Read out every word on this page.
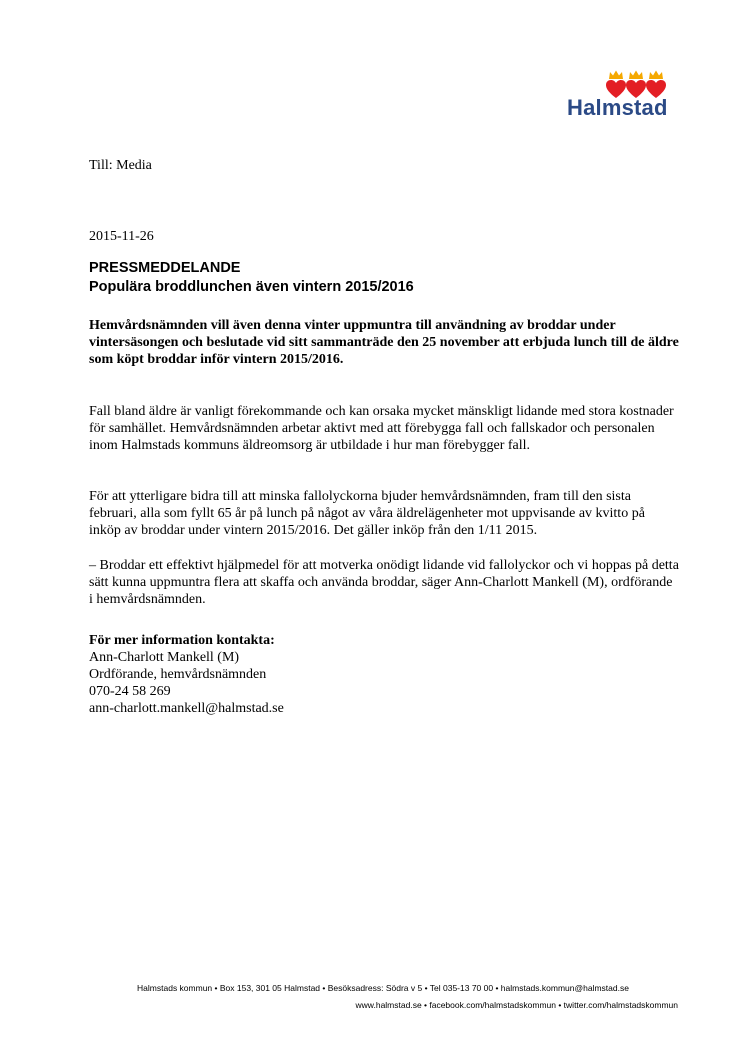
Halmstad
Till: Media
2015-11-26
PRESSMEDDELANDE
Populära broddlunchen även vintern 2015/2016

Hemvårdsnämnden vill även denna vinter uppmuntra till användning av broddar under vintersäsongen och beslutade vid sitt sammanträde den 25 november att erbjuda lunch till de äldre som köpt broddar inför vintern 2015/2016.

Fall bland äldre är vanligt förekommande och kan orsaka mycket mänskligt lidande med stora kostnader för samhället. Hemvårdsnämnden arbetar aktivt med att förebygga fall och fallskador och personalen inom Halmstads kommuns äldreomsorg är utbildade i hur man förebygger fall.

För att ytterligare bidra till att minska fallolyckorna bjuder hemvårdsnämnden, fram till den sista februari, alla som fyllt 65 år på lunch på något av våra äldrelägenheter mot uppvisande av kvitto på inköp av broddar under vintern 2015/2016. Det gäller inköp från den 1/11 2015.

– Broddar ett effektivt hjälpmedel för att motverka onödigt lidande vid fallolyckor och vi hoppas på detta sätt kunna uppmuntra flera att skaffa och använda broddar, säger Ann-Charlott Mankell (M), ordförande i hemvårdsnämnden.

För mer information kontakta:
Ann-Charlott Mankell (M)
Ordförande, hemvårdsnämnden
070-24 58 269
ann-charlott.mankell@halmstad.se
Halmstads kommun • Box 153, 301 05 Halmstad • Besöksadress: Södra v 5 • Tel 035-13 70 00 • halmstads.kommun@halmstad.se
www.halmstad.se • facebook.com/halmstadskommun • twitter.com/halmstadskommun
